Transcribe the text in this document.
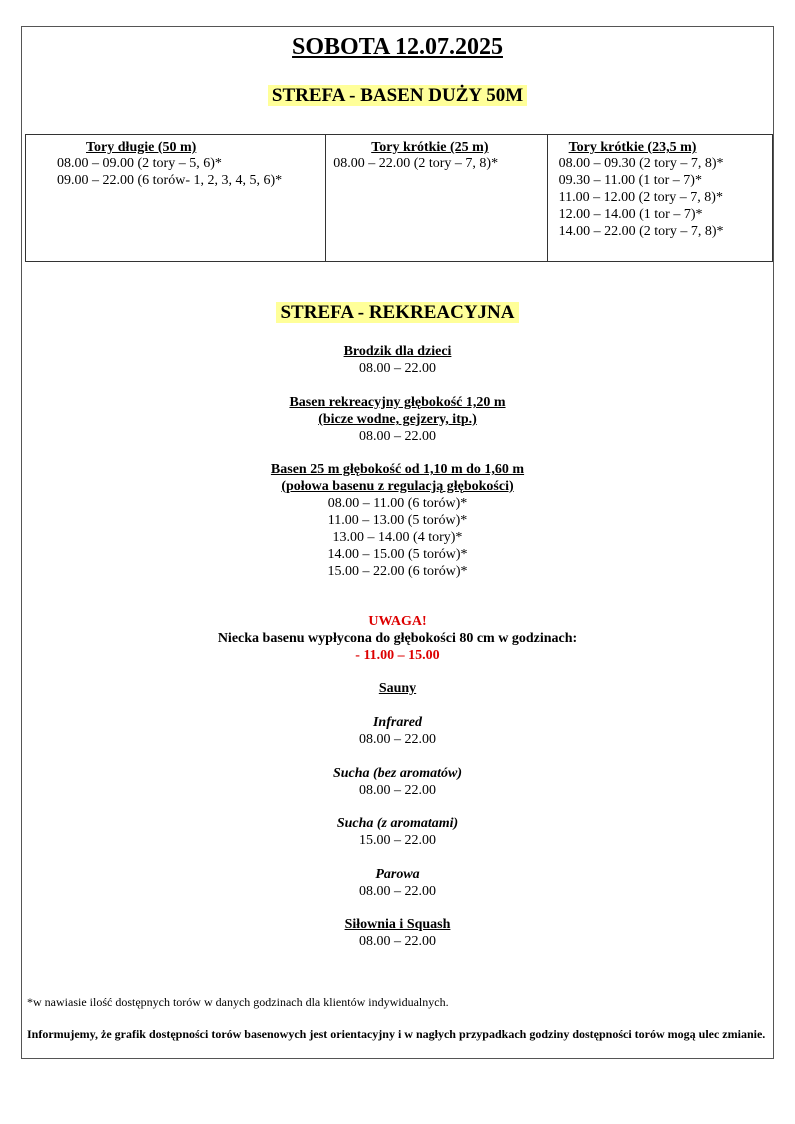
SOBOTA 12.07.2025
STREFA - BASEN DUŻY 50M
Tory długie (50 m)
08.00 – 09.00 (2 tory – 5, 6)*
09.00 – 22.00 (6 torów- 1, 2, 3, 4, 5, 6)*
Tory krótkie (25 m)
08.00 – 22.00 (2 tory – 7, 8)*
Tory krótkie (23,5 m)
08.00 – 09.30 (2 tory – 7, 8)*
09.30 – 11.00 (1 tor – 7)*
11.00 – 12.00 (2 tory – 7, 8)*
12.00 – 14.00 (1 tor – 7)*
14.00 – 22.00 (2 tory – 7, 8)*
STREFA - REKREACYJNA
Brodzik dla dzieci
08.00 – 22.00
Basen rekreacyjny głębokość 1,20 m
(bicze wodne, gejzery, itp.)
08.00 – 22.00
Basen 25 m głębokość od 1,10 m do 1,60 m
(połowa basenu z regulacją głębokości)
08.00 – 11.00 (6 torów)*
11.00 – 13.00 (5 torów)*
13.00 – 14.00 (4 tory)*
14.00 – 15.00 (5 torów)*
15.00 – 22.00 (6 torów)*
UWAGA!
Niecka basenu wypłycona do głębokości 80 cm w godzinach:
- 11.00 – 15.00
Sauny
Infrared
08.00 – 22.00
Sucha (bez aromatów)
08.00 – 22.00
Sucha (z aromatami)
15.00 – 22.00
Parowa
08.00 – 22.00
Siłownia i Squash
08.00 – 22.00
*w nawiasie ilość dostępnych torów w danych godzinach dla klientów indywidualnych.
Informujemy, że grafik dostępności torów basenowych jest orientacyjny i w nagłych przypadkach godziny dostępności torów mogą ulec zmianie.
